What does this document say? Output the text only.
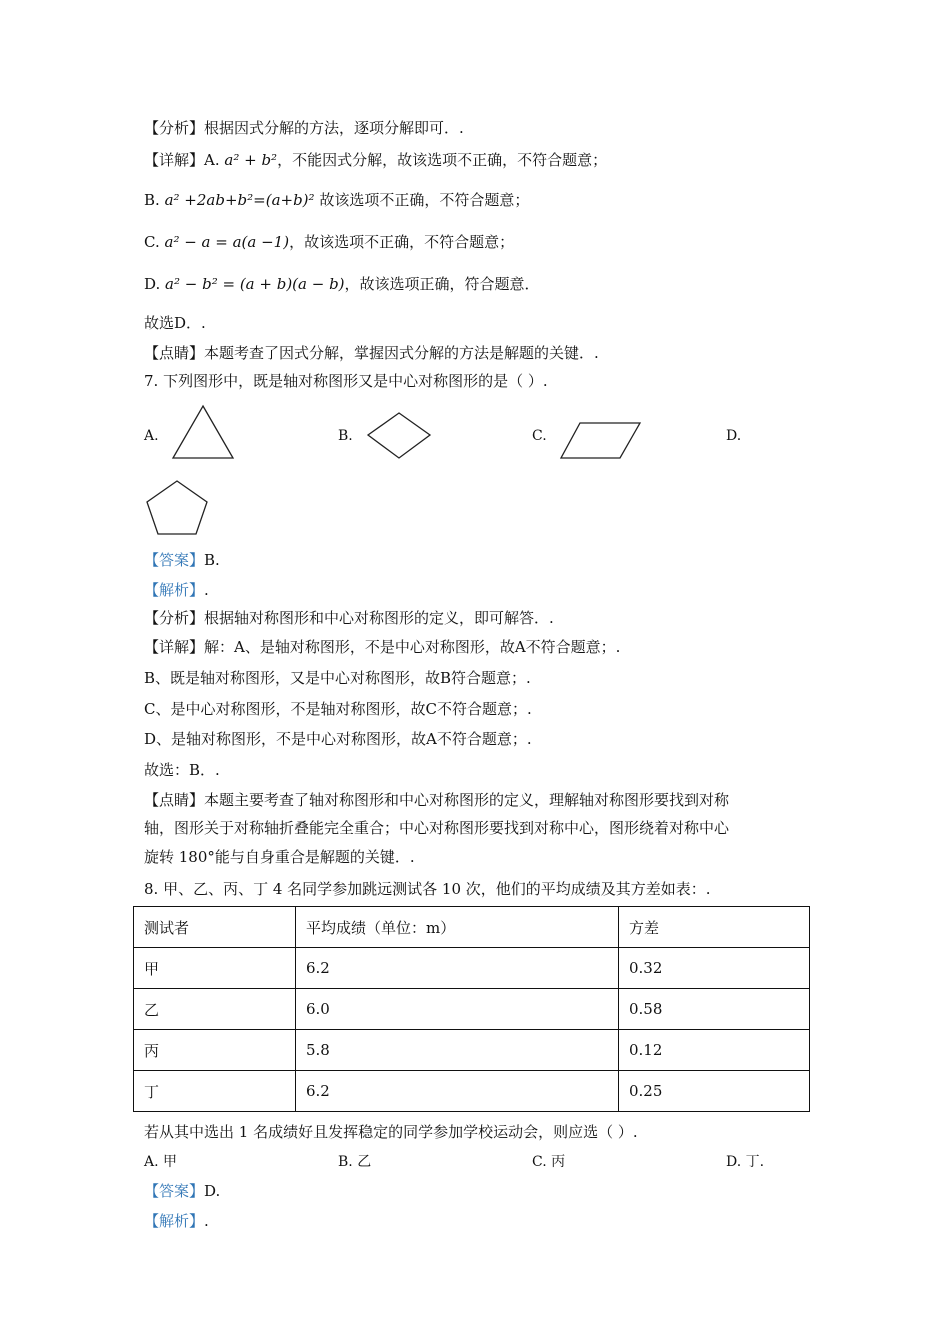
【分析】根据因式分解的方法，逐项分解即可．.
【详解】A. a² + b²，不能因式分解，故该选项不正确，不符合题意；
B. a² +2ab+b²=(a+b)² 故该选项不正确，不符合题意；
C. a² − a = a(a −1)，故该选项不正确，不符合题意；
D. a² − b² = (a + b)(a − b)，故该选项正确，符合题意．
故选D．.
【点睛】本题考查了因式分解，掌握因式分解的方法是解题的关键．.
7. 下列图形中，既是轴对称图形又是中心对称图形的是（ ）.
A.	B.	C.	D.
【答案】B.
【解析】.
【分析】根据轴对称图形和中心对称图形的定义，即可解答．.
【详解】解：A、是轴对称图形，不是中心对称图形，故A不符合题意；.
B、既是轴对称图形，又是中心对称图形，故B符合题意；.
C、是中心对称图形，不是轴对称图形，故C不符合题意；.
D、是轴对称图形，不是中心对称图形，故A不符合题意；.
故选：B．.
【点睛】本题主要考查了轴对称图形和中心对称图形的定义，理解轴对称图形要找到对称
轴，图形关于对称轴折叠能完全重合；中心对称图形要找到对称中心，图形绕着对称中心
旋转 180°能与自身重合是解题的关键．.
8. 甲、乙、丙、丁 4 名同学参加跳远测试各 10 次，他们的平均成绩及其方差如表：.
测试者	平均成绩（单位：m）	方差
甲	6.2	0.32
乙	6.0	0.58
丙	5.8	0.12
丁	6.2	0.25
若从其中选出 1 名成绩好且发挥稳定的同学参加学校运动会，则应选（ ）.
A. 甲	B. 乙	C. 丙	D. 丁.
【答案】D.
【解析】.
